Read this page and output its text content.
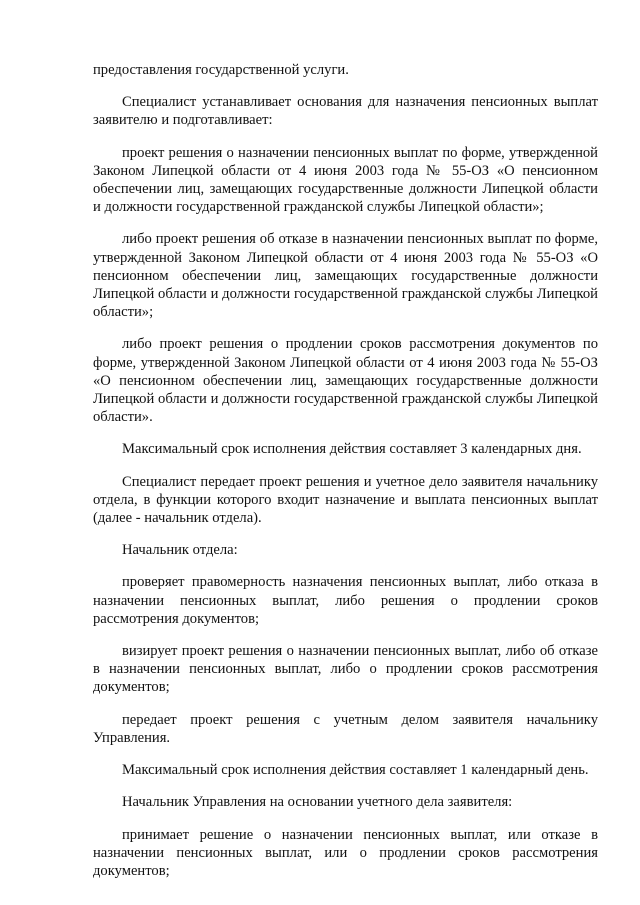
предоставления государственной услуги.

Специалист устанавливает основания для назначения пенсионных выплат заявителю и подготавливает:

проект решения о назначении пенсионных выплат по форме, утвержденной Законом Липецкой области от 4 июня 2003 года № 55-ОЗ «О пенсионном обеспечении лиц, замещающих государственные должности Липецкой области и должности государственной гражданской службы Липецкой области»;

либо проект решения об отказе в назначении пенсионных выплат по форме, утвержденной Законом Липецкой области от 4 июня 2003 года № 55-ОЗ «О пенсионном обеспечении лиц, замещающих государственные должности Липецкой области и должности государственной гражданской службы Липецкой области»;

либо проект решения о продлении сроков рассмотрения документов по форме, утвержденной Законом Липецкой области от 4 июня 2003 года № 55-ОЗ «О пенсионном обеспечении лиц, замещающих государственные должности Липецкой области и должности государственной гражданской службы Липецкой области».

Максимальный срок исполнения действия составляет 3 календарных дня.

Специалист передает проект решения и учетное дело заявителя начальнику отдела, в функции которого входит назначение и выплата пенсионных выплат (далее - начальник отдела).

Начальник отдела:

проверяет правомерность назначения пенсионных выплат, либо отказа в назначении пенсионных выплат, либо решения о продлении сроков рассмотрения документов;

визирует проект решения о назначении пенсионных выплат, либо об отказе в назначении пенсионных выплат, либо о продлении сроков рассмотрения документов;

передает проект решения с учетным делом заявителя начальнику Управления.

Максимальный срок исполнения действия составляет 1 календарный день.

Начальник Управления на основании учетного дела заявителя:

принимает решение о назначении пенсионных выплат, или отказе в назначении пенсионных выплат, или о продлении сроков рассмотрения документов;
